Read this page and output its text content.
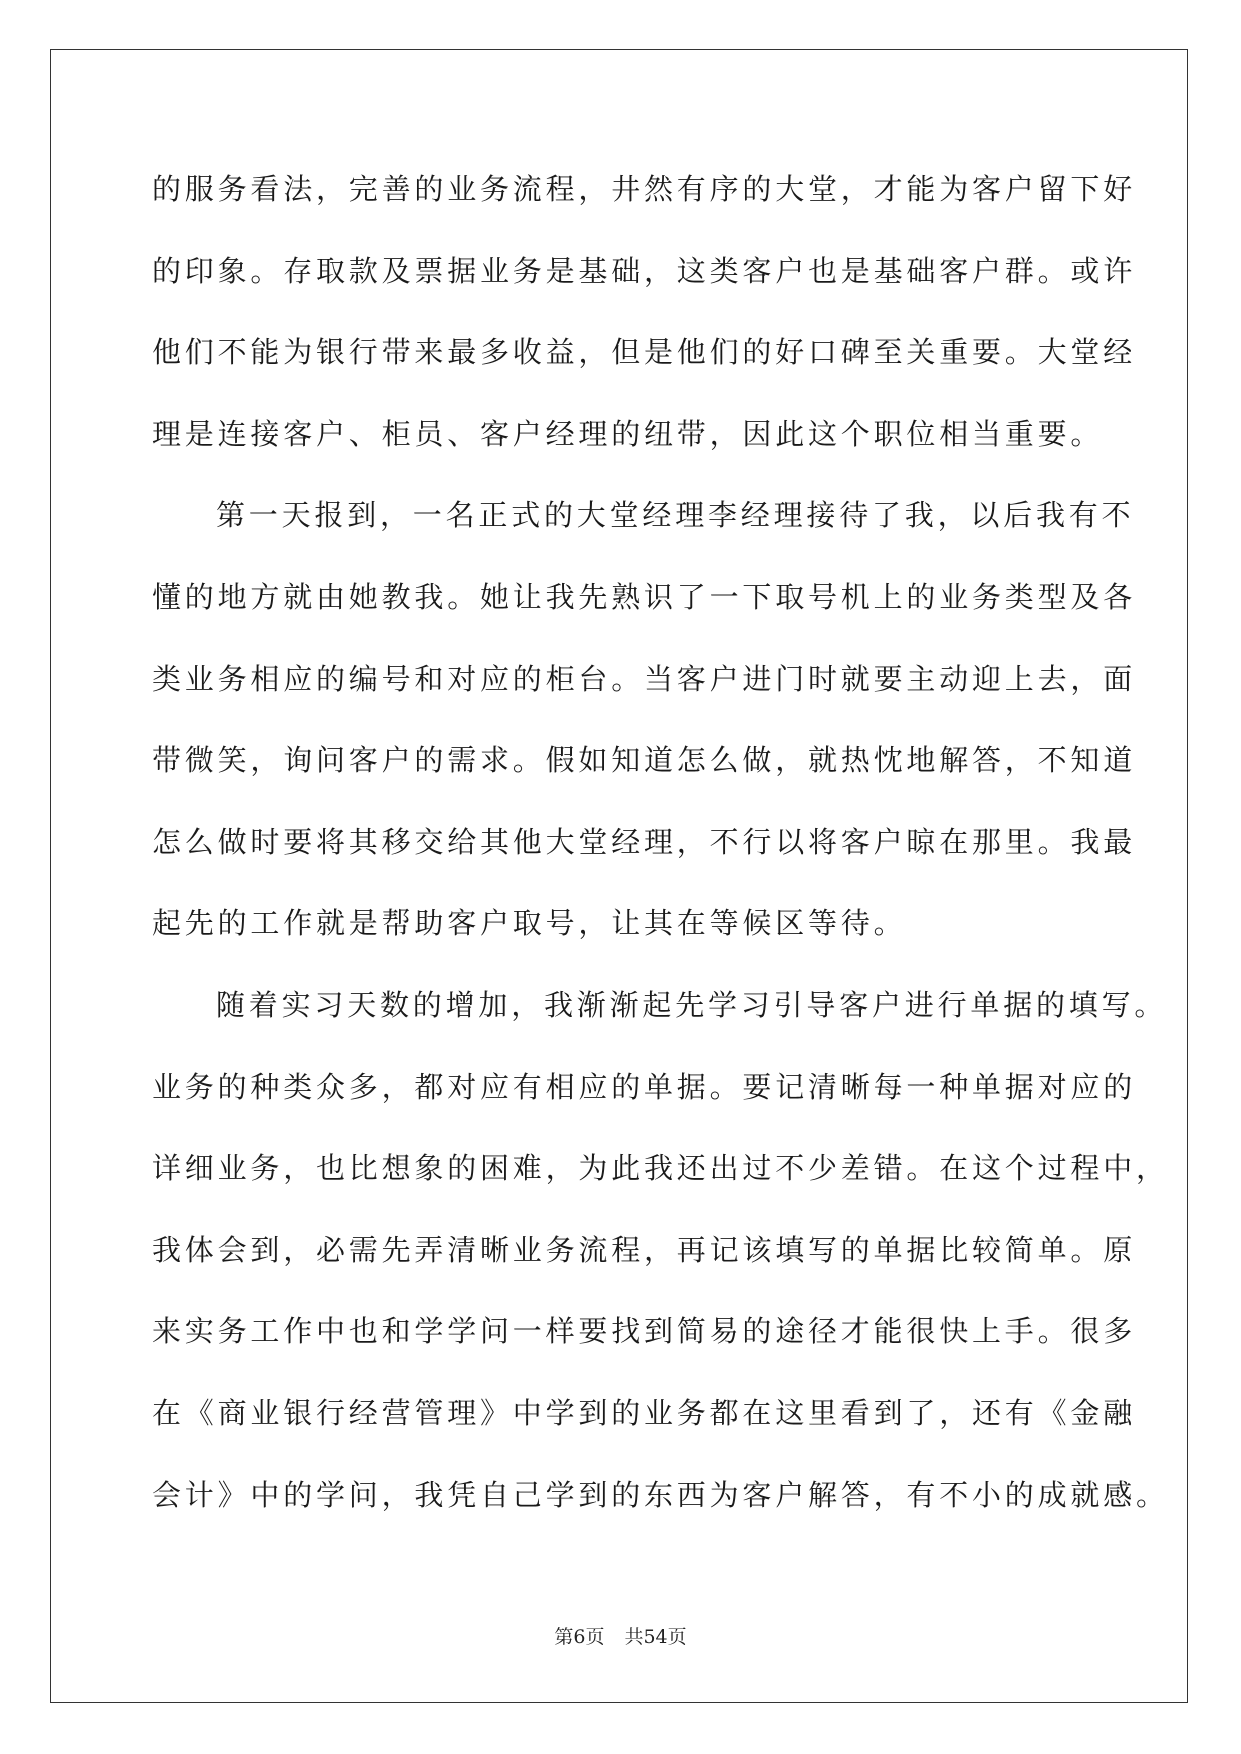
的服务看法，完善的业务流程，井然有序的大堂，才能为客户留下好
的印象。存取款及票据业务是基础，这类客户也是基础客户群。或许
他们不能为银行带来最多收益，但是他们的好口碑至关重要。大堂经
理是连接客户、柜员、客户经理的纽带，因此这个职位相当重要。
第一天报到，一名正式的大堂经理李经理接待了我，以后我有不
懂的地方就由她教我。她让我先熟识了一下取号机上的业务类型及各
类业务相应的编号和对应的柜台。当客户进门时就要主动迎上去，面
带微笑，询问客户的需求。假如知道怎么做，就热忱地解答，不知道
怎么做时要将其移交给其他大堂经理，不行以将客户晾在那里。我最
起先的工作就是帮助客户取号，让其在等候区等待。
随着实习天数的增加，我渐渐起先学习引导客户进行单据的填写。
业务的种类众多，都对应有相应的单据。要记清晰每一种单据对应的
详细业务，也比想象的困难，为此我还出过不少差错。在这个过程中，
我体会到，必需先弄清晰业务流程，再记该填写的单据比较简单。原
来实务工作中也和学学问一样要找到简易的途径才能很快上手。很多
在《商业银行经营管理》中学到的业务都在这里看到了，还有《金融
会计》中的学问，我凭自己学到的东西为客户解答，有不小的成就感。
第6页 共54页
